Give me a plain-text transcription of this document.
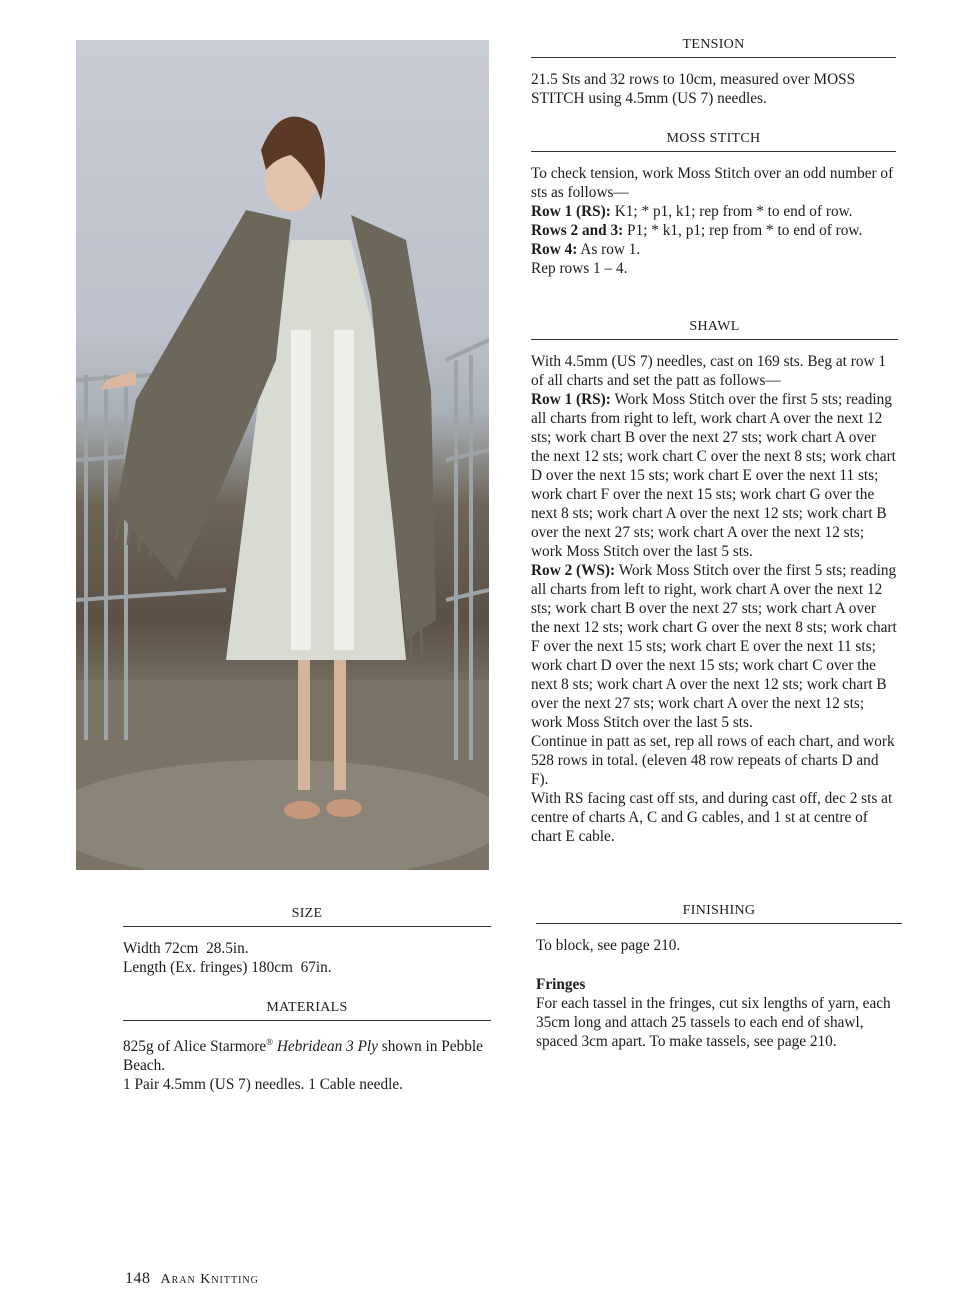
TENSION

21.5 Sts and 32 rows to 10cm, measured over MOSS STITCH using 4.5mm (US 7) needles.

MOSS STITCH

To check tension, work Moss Stitch over an odd number of sts as follows—

Row 1 (RS): K1; * p1, k1; rep from * to end of row.

Rows 2 and 3: P1; * k1, p1; rep from * to end of row.

Row 4: As row 1.

Rep rows 1 – 4.

SHAWL

With 4.5mm (US 7) needles, cast on 169 sts. Beg at row 1 of all charts and set the patt as follows—

Row 1 (RS): Work Moss Stitch over the first 5 sts; reading all charts from right to left, work chart A over the next 12 sts; work chart B over the next 27 sts; work chart A over the next 12 sts; work chart C over the next 8 sts; work chart D over the next 15 sts; work chart E over the next 11 sts; work chart F over the next 15 sts; work chart G over the next 8 sts; work chart A over the next 12 sts; work chart B over the next 27 sts; work chart A over the next 12 sts; work Moss Stitch over the last 5 sts.

Row 2 (WS): Work Moss Stitch over the first 5 sts; reading all charts from left to right, work chart A over the next 12 sts; work chart B over the next 27 sts; work chart A over the next 12 sts; work chart G over the next 8 sts; work chart F over the next 15 sts; work chart E over the next 11 sts; work chart D over the next 15 sts; work chart C over the next 8 sts; work chart A over the next 12 sts; work chart B over the next 27 sts; work chart A over the next 12 sts; work Moss Stitch over the last 5 sts.

Continue in patt as set, rep all rows of each chart, and work 528 rows in total. (eleven 48 row repeats of charts D and F).

With RS facing cast off sts, and during cast off, dec 2 sts at centre of charts A, C and G cables, and 1 st at centre of chart E cable.

FINISHING

To block, see page 210.

Fringes

For each tassel in the fringes, cut six lengths of yarn, each 35cm long and attach 25 tassels to each end of shawl, spaced 3cm apart. To make tassels, see page 210.

SIZE

Width 72cm  28.5in.

Length (Ex. fringes) 180cm  67in.

MATERIALS

825g of Alice Starmore® Hebridean 3 Ply shown in Pebble Beach.

1 Pair 4.5mm (US 7) needles. 1 Cable needle.

148 Aran Knitting
